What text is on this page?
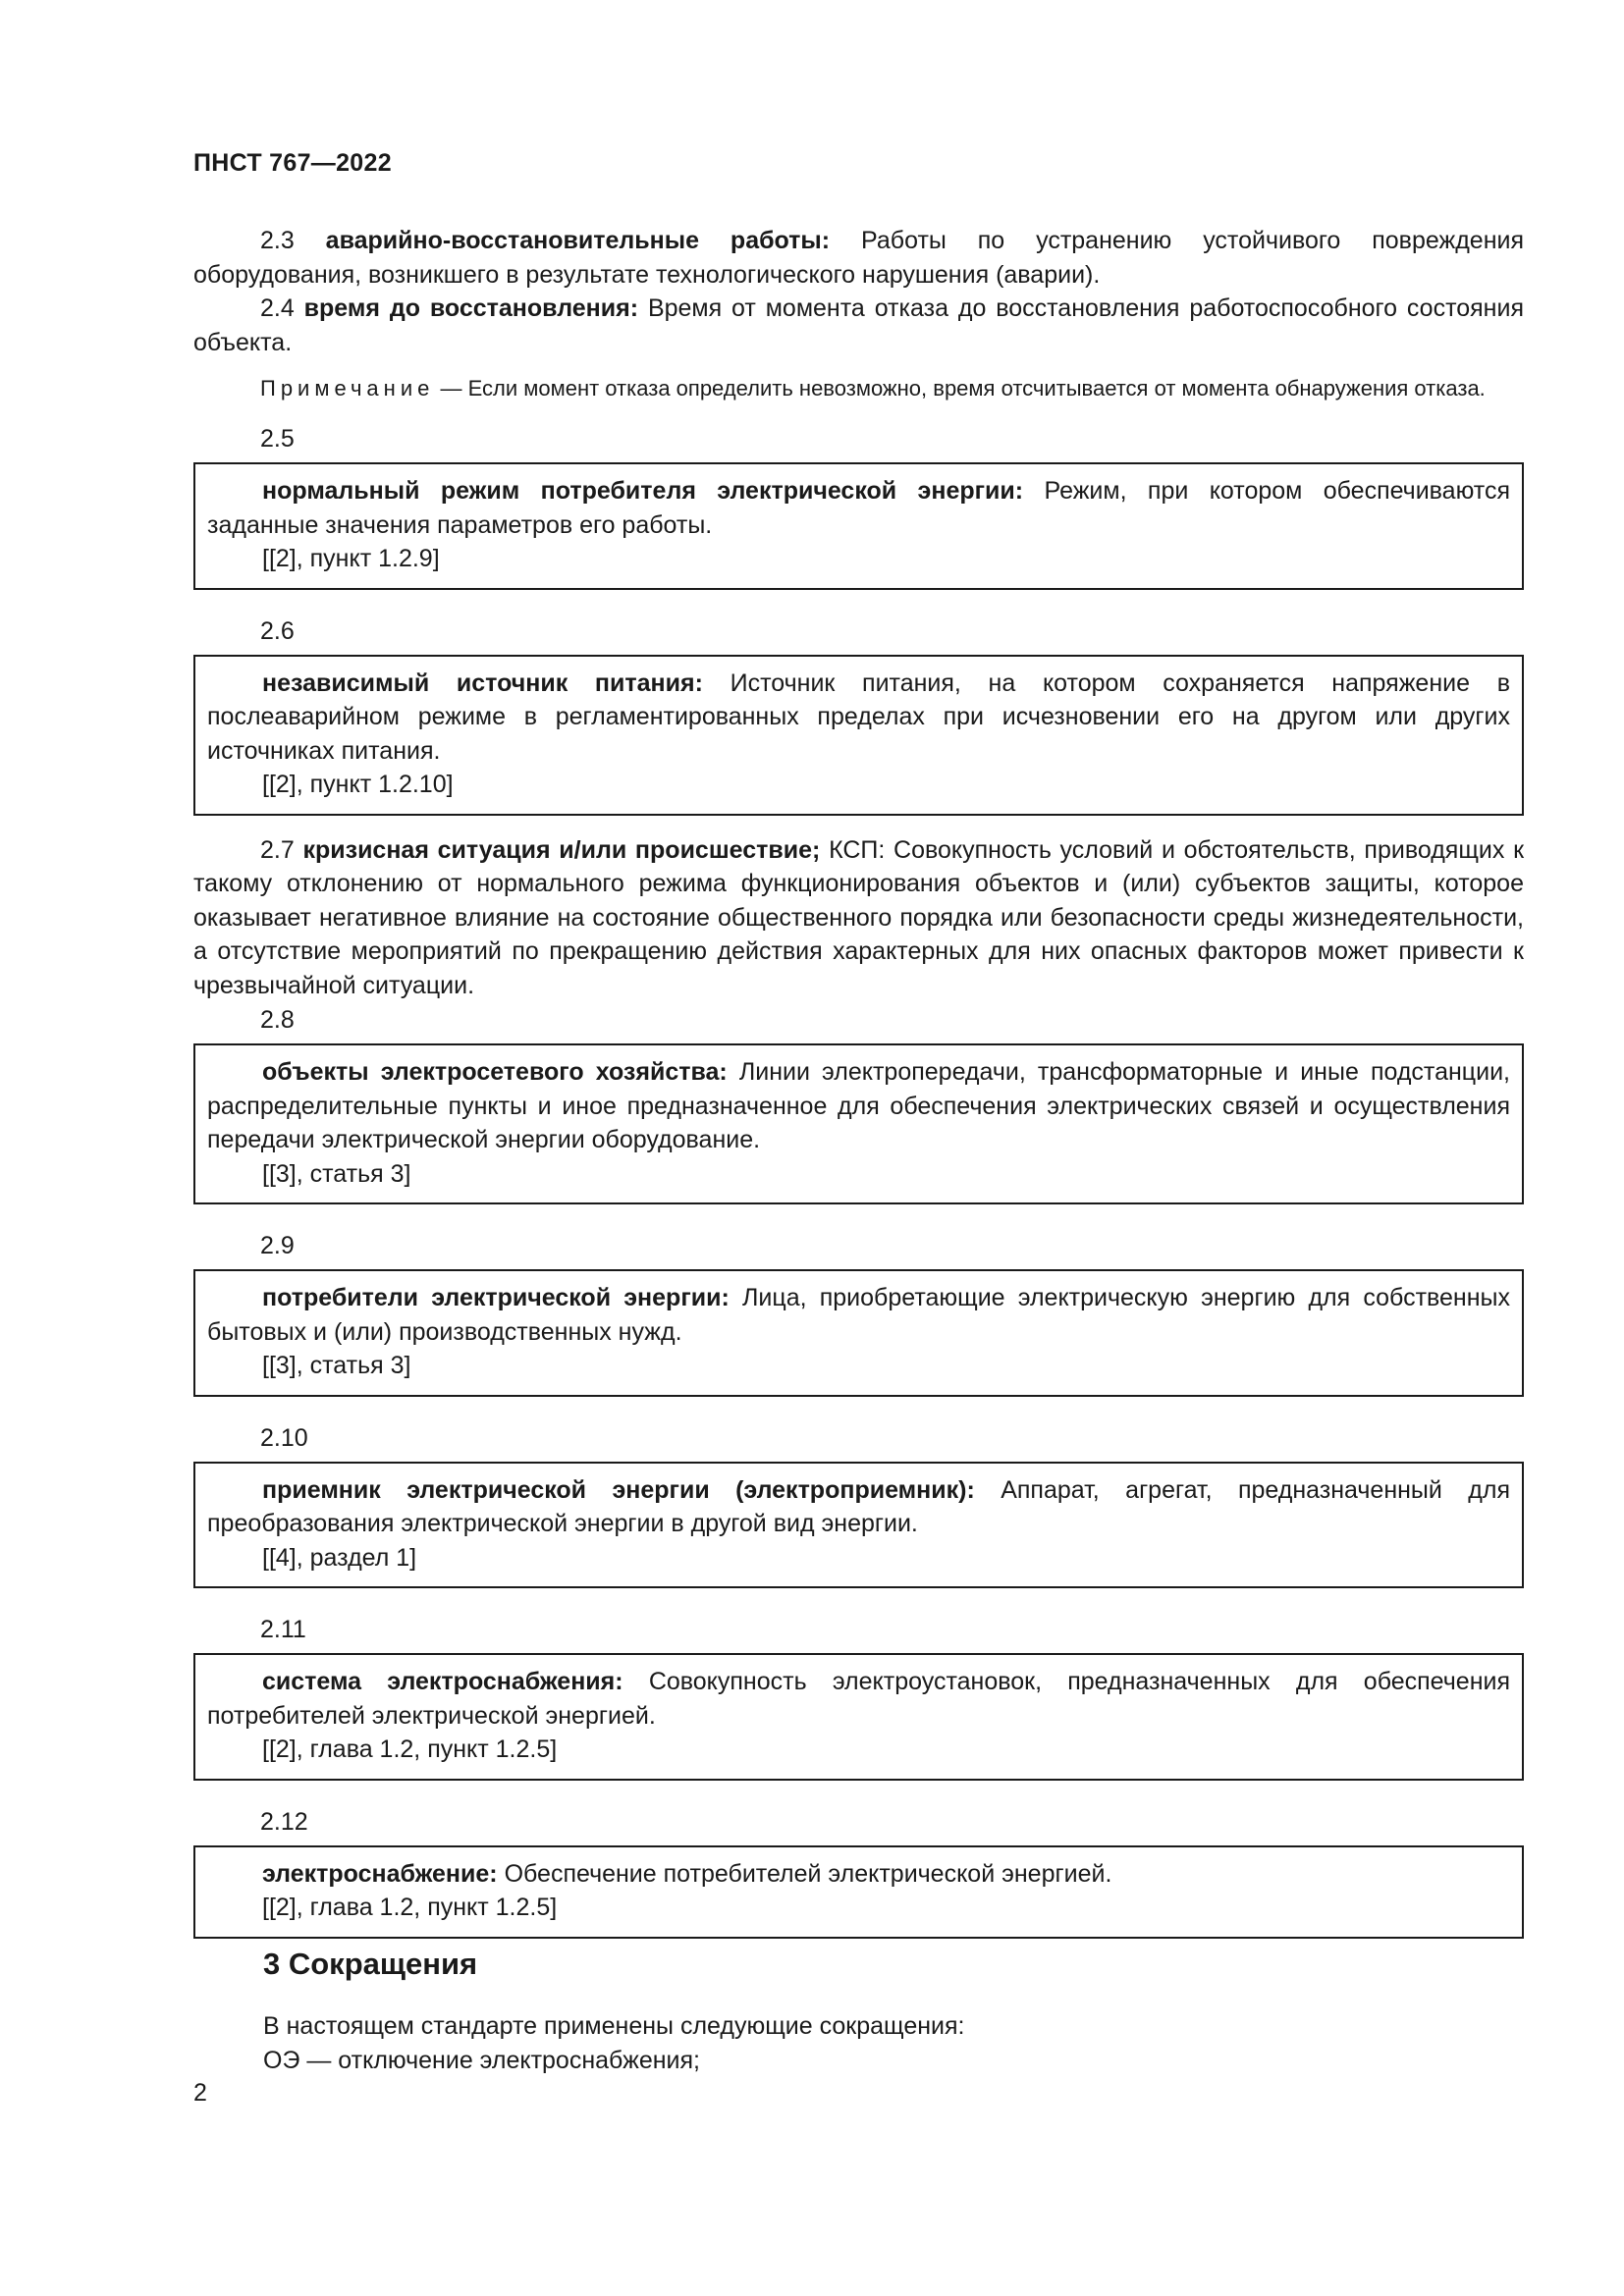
ПНСТ 767—2022

2.3 аварийно-восстановительные работы: Работы по устранению устойчивого повреждения оборудования, возникшего в результате технологического нарушения (аварии).

2.4 время до восстановления: Время от момента отказа до восстановления работоспособного состояния объекта.

Примечание — Если момент отказа определить невозможно, время отсчитывается от момента обнаружения отказа.

2.5

нормальный режим потребителя электрической энергии: Режим, при котором обеспечиваются заданные значения параметров его работы.

[[2], пункт 1.2.9]

2.6

независимый источник питания: Источник питания, на котором сохраняется напряжение в послеаварийном режиме в регламентированных пределах при исчезновении его на другом или других источниках питания.

[[2], пункт 1.2.10]

2.7 кризисная ситуация и/или происшествие; КСП: Совокупность условий и обстоятельств, приводящих к такому отклонению от нормального режима функционирования объектов и (или) субъектов защиты, которое оказывает негативное влияние на состояние общественного порядка или безопасности среды жизнедеятельности, а отсутствие мероприятий по прекращению действия характерных для них опасных факторов может привести к чрезвычайной ситуации.

2.8

объекты электросетевого хозяйства: Линии электропередачи, трансформаторные и иные подстанции, распределительные пункты и иное предназначенное для обеспечения электрических связей и осуществления передачи электрической энергии оборудование.

[[3], статья 3]

2.9

потребители электрической энергии: Лица, приобретающие электрическую энергию для собственных бытовых и (или) производственных нужд.

[[3], статья 3]

2.10

приемник электрической энергии (электроприемник): Аппарат, агрегат, предназначенный для преобразования электрической энергии в другой вид энергии.

[[4], раздел 1]

2.11

система электроснабжения: Совокупность электроустановок, предназначенных для обеспечения потребителей электрической энергией.

[[2], глава 1.2, пункт 1.2.5]

2.12

электроснабжение: Обеспечение потребителей электрической энергией.

[[2], глава 1.2, пункт 1.2.5]

3 Сокращения

В настоящем стандарте применены следующие сокращения:

ОЭ — отключение электроснабжения;

2
